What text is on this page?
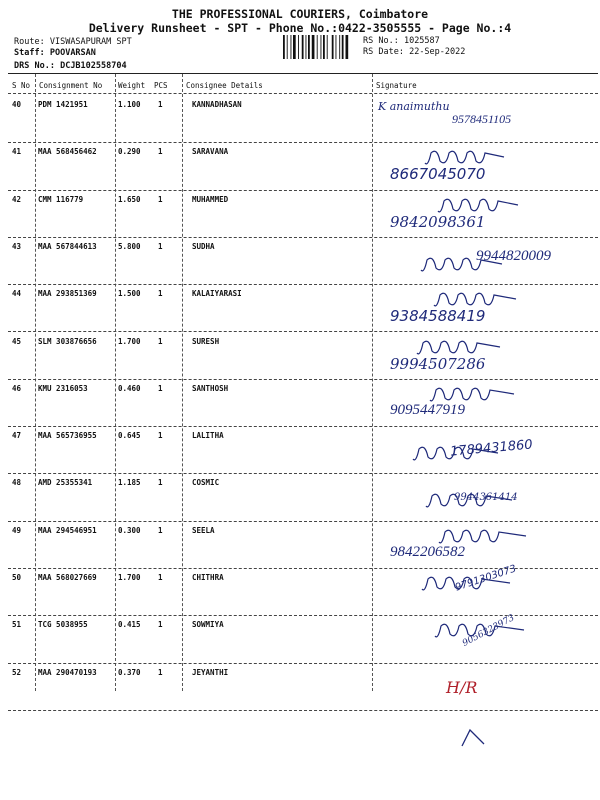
THE PROFESSIONAL COURIERS, Coimbatore
Delivery Runsheet - SPT - Phone No.:0422-3505555 - Page No.:4
Route: VISWASAPURAM SPT
Staff: POOVARSAN
DRS No.: DCJB102558704
RS No.: 1025587
RS Date: 22-Sep-2022
S No Consignment No Weight PCS Consignee Details	Signature
40 PDM 1421951	1.100 1	KANNADHASAN	K anaimuthu
9578451105
41 MAA 568456462	0.290 1	SARAVANA
8667045070
42 CMM 116779	1.650 1	MUHAMMED
9842098361
43 MAA 567844613	5.800 1	SUDHA
9944820009
44 MAA 293851369	1.500 1	KALAIYARASI
9384588419
45 SLM 303876656	1.700 1	SURESH
9994507286
46 KMU 2316053	0.460 1	SANTHOSH
9095447919
47 MAA 565736955	0.645 1	LALITHA
1789431860
48 AMD 25355341	1.185 1	COSMIC
9944361414
49 MAA 294546951	0.300 1	SEELA
9842206582
50 MAA 568027669	1.700 1	CHITHRA	9791303073
51 TCG 5038955	0.415 1	SOWMIYA	9056323973
52 MAA 290470193	0.370 1	JEYANTHI
H/R
